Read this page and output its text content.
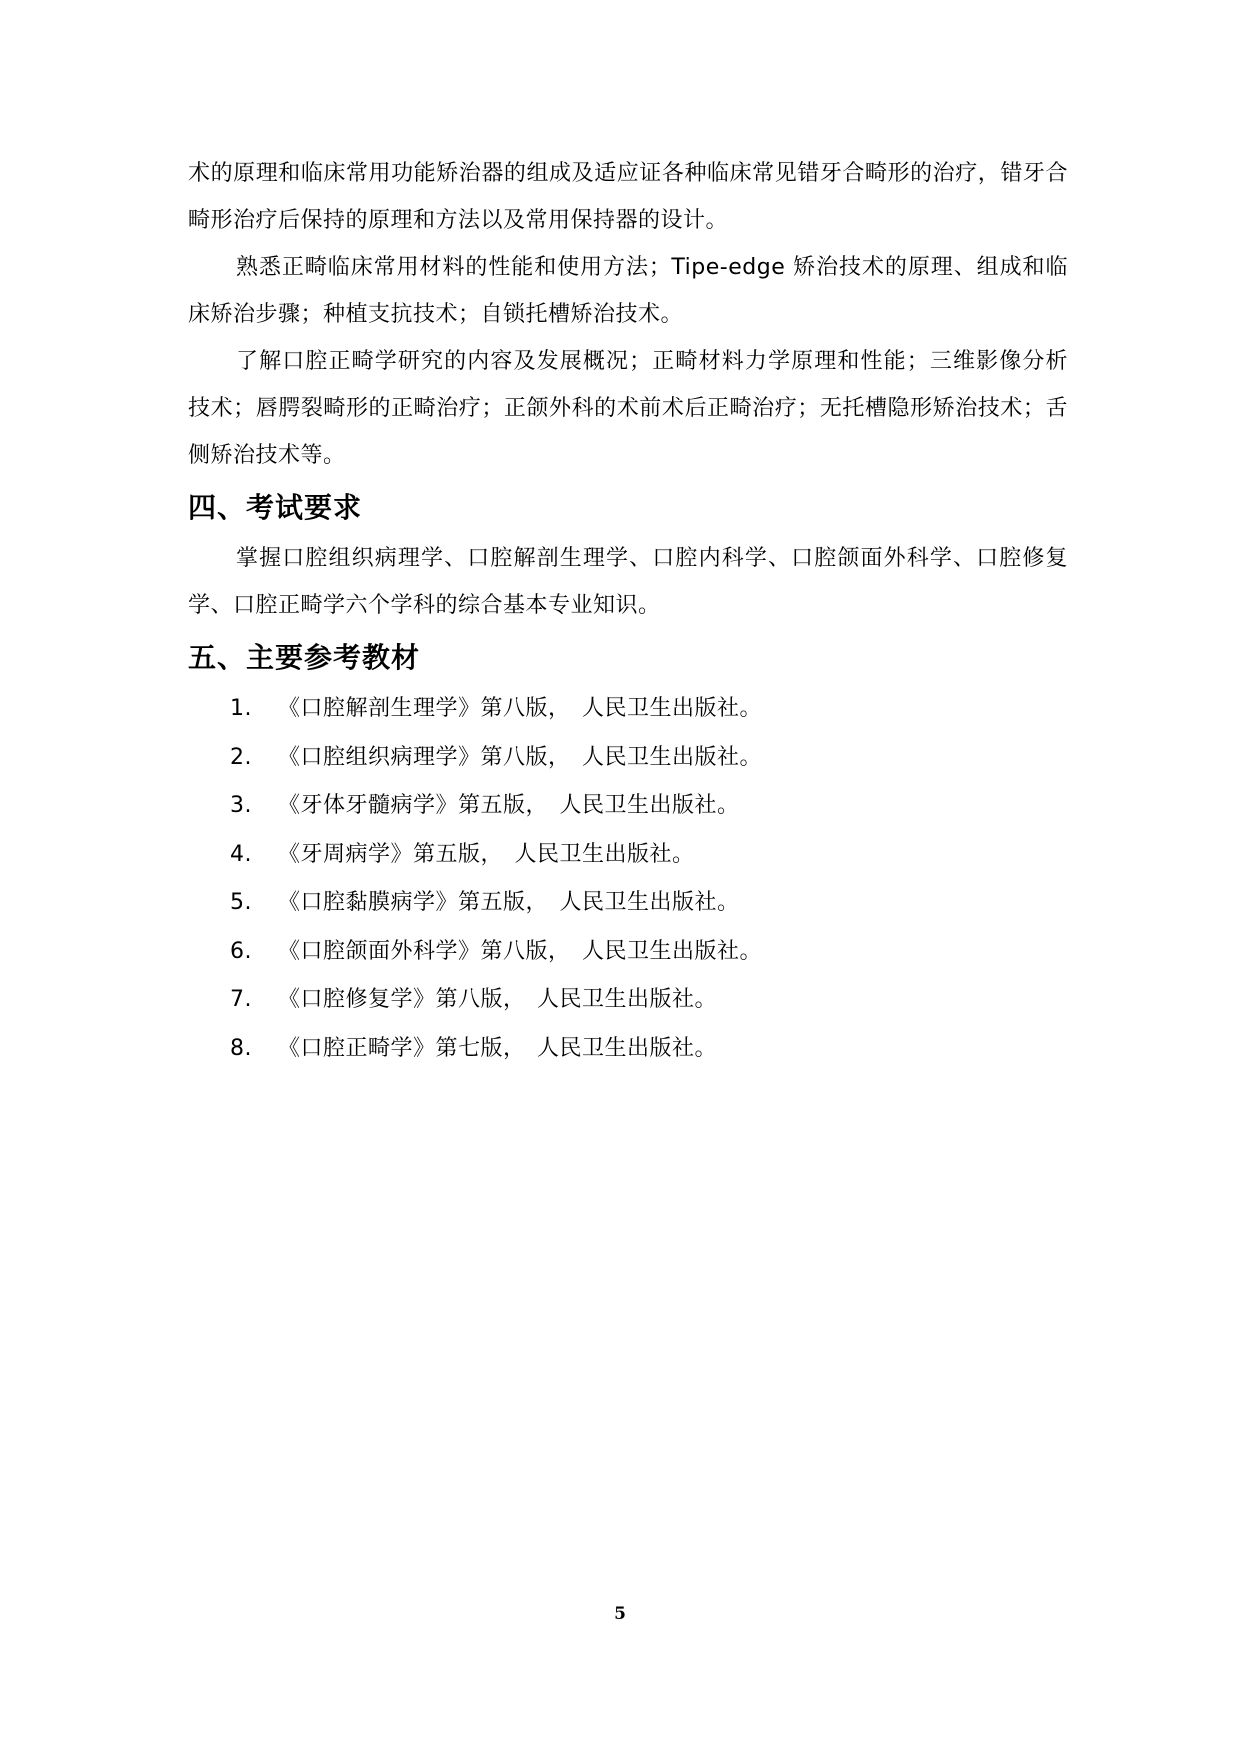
术的原理和临床常用功能矫治器的组成及适应证各种临床常见错牙合畸形的治疗，错牙合畸形治疗后保持的原理和方法以及常用保持器的设计。

熟悉正畸临床常用材料的性能和使用方法；Tipe-edge 矫治技术的原理、组成和临床矫治步骤；种植支抗技术；自锁托槽矫治技术。

了解口腔正畸学研究的内容及发展概况；正畸材料力学原理和性能；三维影像分析技术；唇腭裂畸形的正畸治疗；正颌外科的术前术后正畸治疗；无托槽隐形矫治技术；舌侧矫治技术等。

四、考试要求

掌握口腔组织病理学、口腔解剖生理学、口腔内科学、口腔颌面外科学、口腔修复学、口腔正畸学六个学科的综合基本专业知识。

五、主要参考教材
1. 《口腔解剖生理学》第八版，　人民卫生出版社。
2. 《口腔组织病理学》第八版，　人民卫生出版社。
3. 《牙体牙髓病学》第五版，　人民卫生出版社。
4. 《牙周病学》第五版，　人民卫生出版社。
5. 《口腔黏膜病学》第五版，　人民卫生出版社。
6. 《口腔颌面外科学》第八版，　人民卫生出版社。
7. 《口腔修复学》第八版，　人民卫生出版社。
8. 《口腔正畸学》第七版，　人民卫生出版社。
5
